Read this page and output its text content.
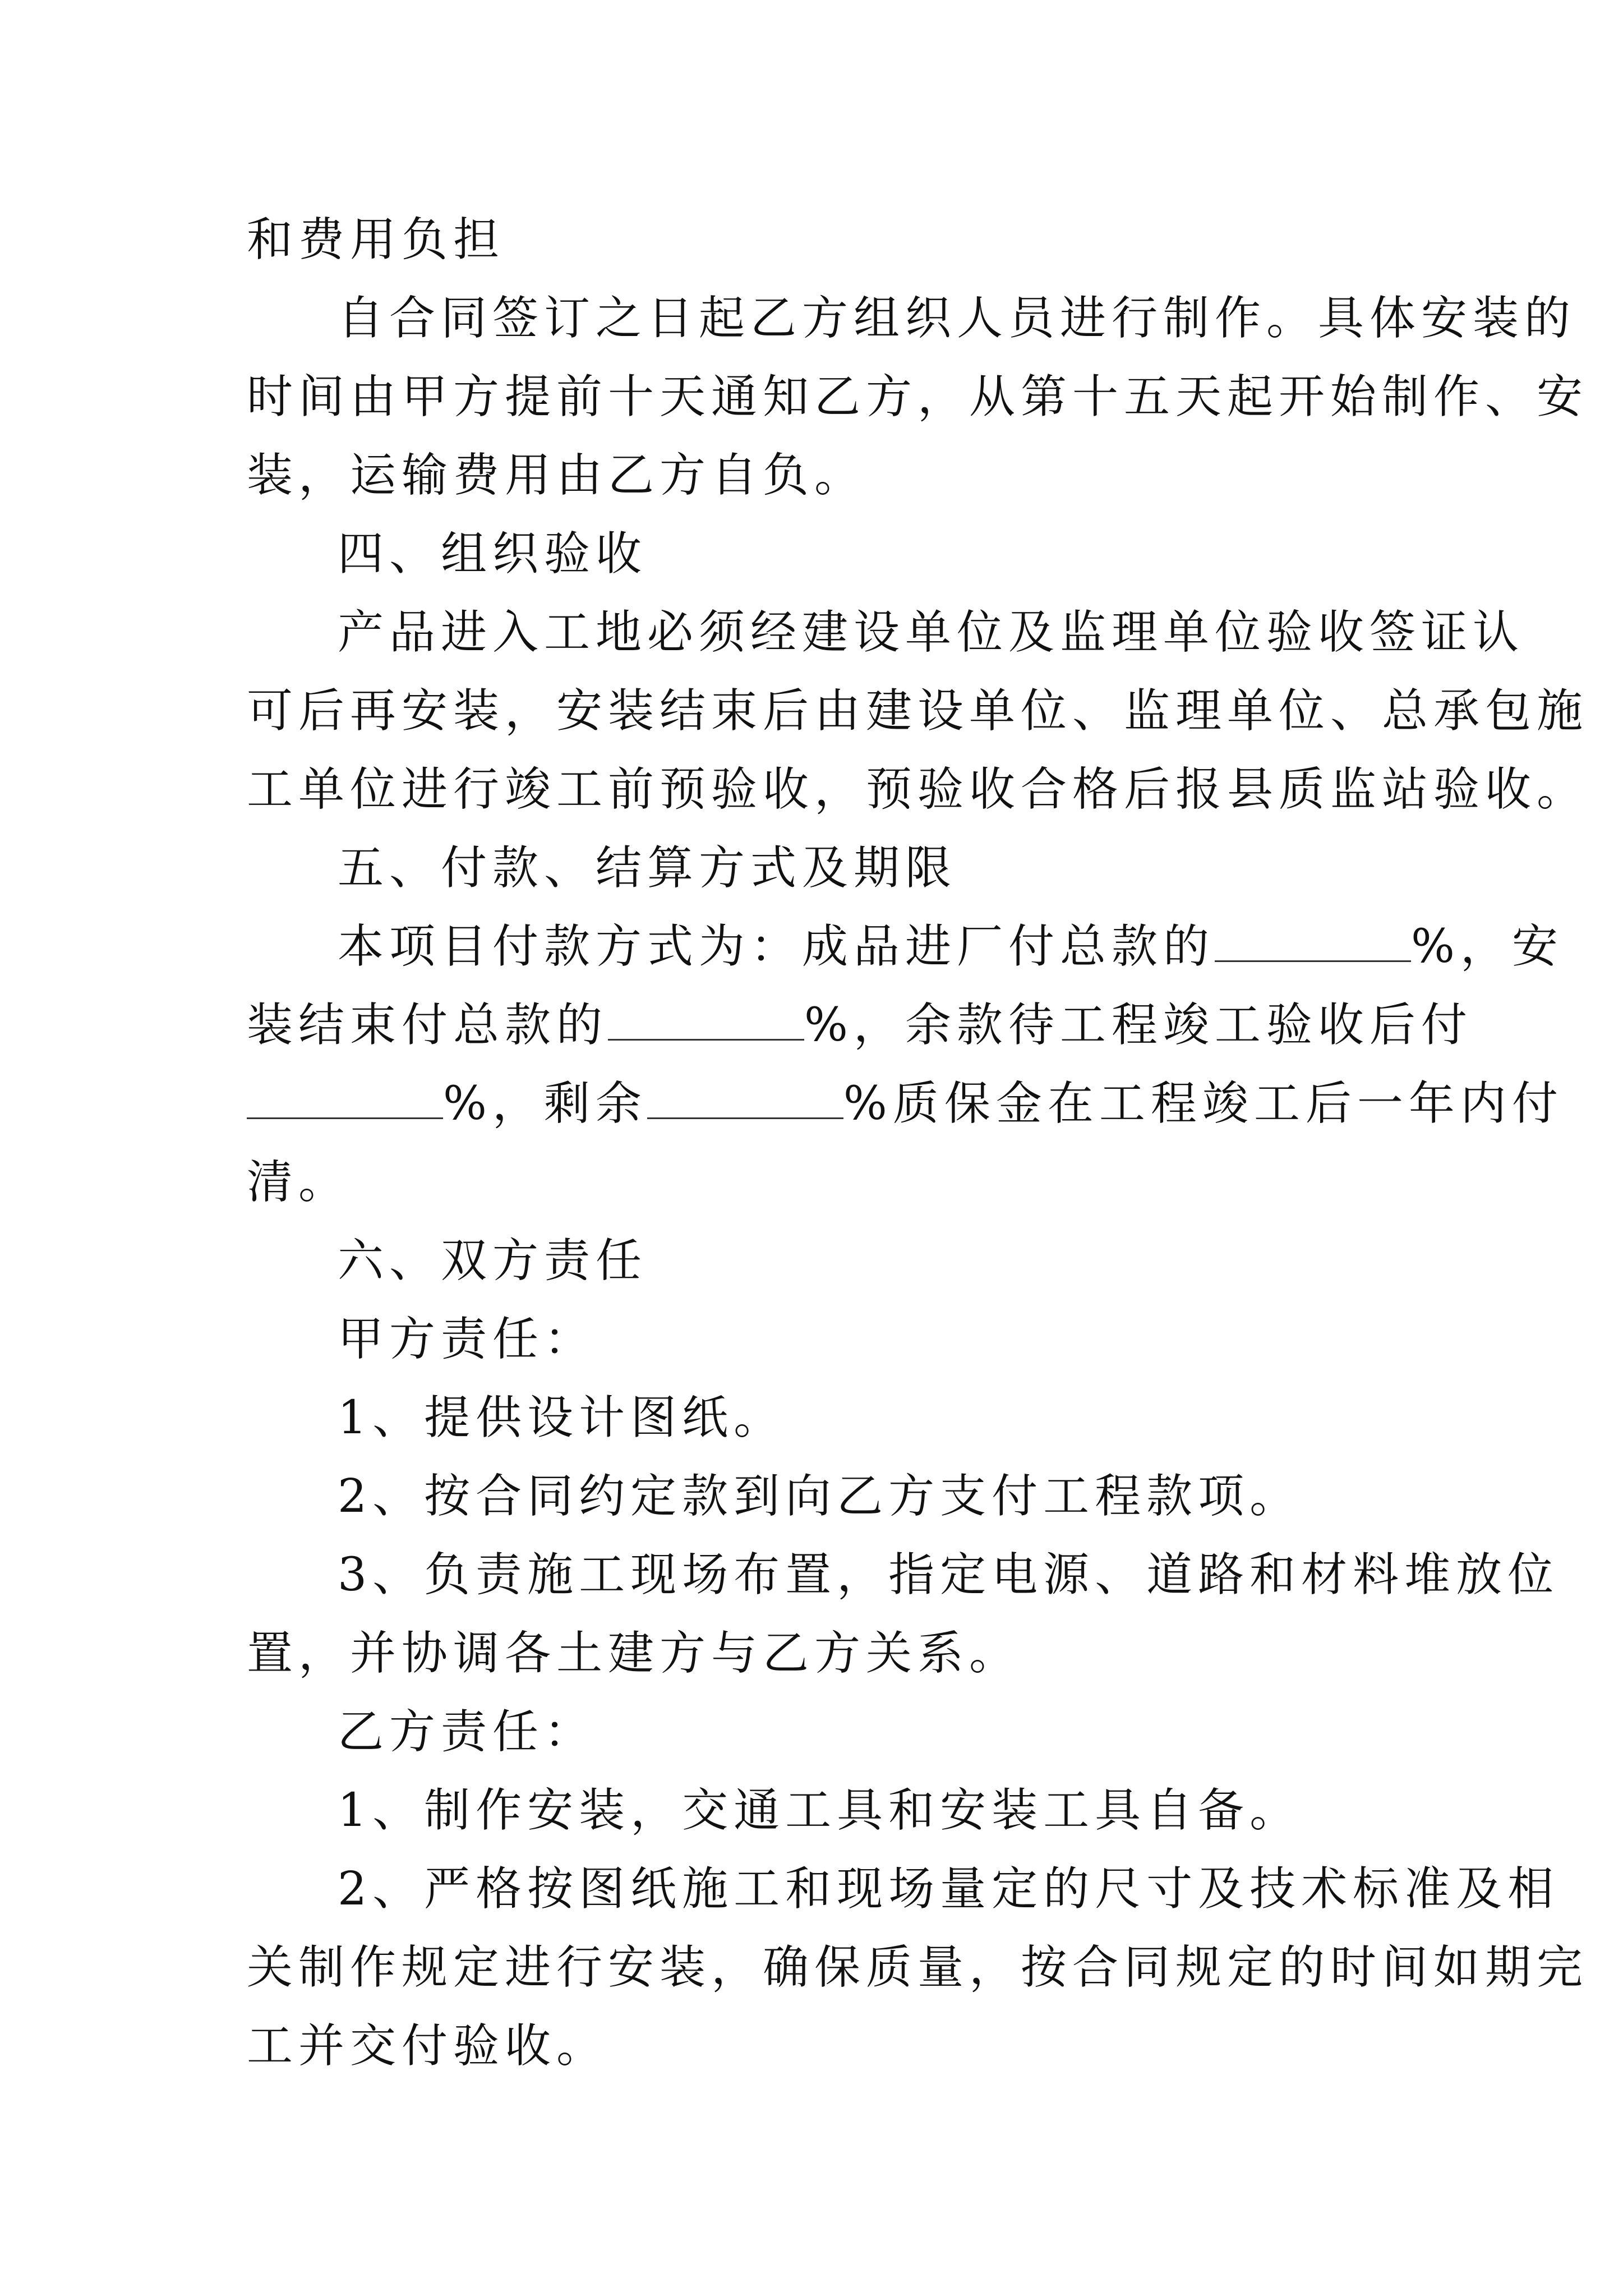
和费用负担
自合同签订之日起乙方组织人员进行制作。具体安装的
时间由甲方提前十天通知乙方，从第十五天起开始制作、安
装，运输费用由乙方自负。
四、组织验收
产品进入工地必须经建设单位及监理单位验收签证认
可后再安装，安装结束后由建设单位、监理单位、总承包施
工单位进行竣工前预验收，预验收合格后报县质监站验收。
五、付款、结算方式及期限
本项目付款方式为：成品进厂付总款的	%，安
装结束付总款的	%，余款待工程竣工验收后付
%，剩余	%质保金在工程竣工后一年内付
清。
六、双方责任
甲方责任：
1、提供设计图纸。
2、按合同约定款到向乙方支付工程款项。
3、负责施工现场布置，指定电源、道路和材料堆放位
置，并协调各土建方与乙方关系。
乙方责任：
1、制作安装，交通工具和安装工具自备。
2、严格按图纸施工和现场量定的尺寸及技术标准及相
关制作规定进行安装，确保质量，按合同规定的时间如期完
工并交付验收。
